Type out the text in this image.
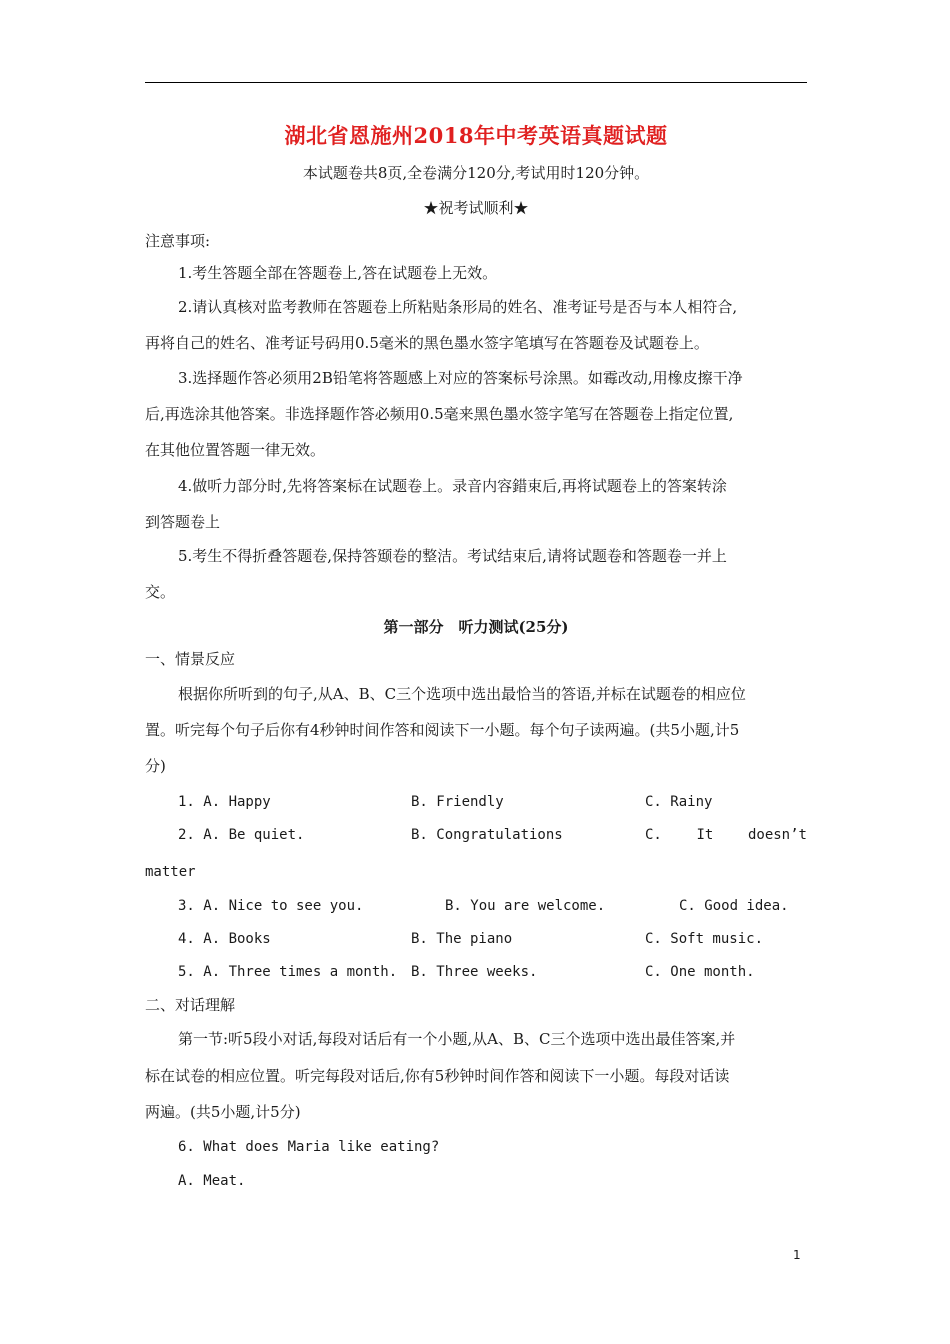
湖北省恩施州2018年中考英语真题试题
本试题卷共8页,全卷满分120分,考试用时120分钟。
★祝考试顺利★
注意事项:
1.考生答题全部在答题卷上,答在试题卷上无效。
2.请认真核对监考教师在答题卷上所粘贴条形局的姓名、准考证号是否与本人相符合,
再将自己的姓名、准考证号码用0.5毫米的黑色墨水签字笔填写在答题卷及试题卷上。
3.选择题作答必须用2B铅笔将答题感上对应的答案标号涂黑。如霉改动,用橡皮擦干净
后,再选涂其他答案。非选择题作答必频用0.5毫来黑色墨水签字笔写在答题卷上指定位置,
在其他位置答题一律无效。
4.做听力部分时,先将答案标在试题卷上。录音内容錯束后,再将试题卷上的答案转涂
到答题卷上
5.考生不得折叠答题卷,保持答颋卷的整洁。考试结束后,请将试题卷和答题卷一并上
交。
第一部分　听力测试(25分)
一、情景反应
根据你所听到的句子,从A、B、C三个选项中选出最恰当的答语,并标在试题卷的相应位
置。听完每个句子后你有4秒钟时间作答和阅读下一小题。每个句子读两遍。(共5小题,计5
分)
1. A. Happy	B. Friendly	C. Rainy
2. A. Be quiet.	B. Congratulations	C. It doesn’t
matter
3. A. Nice to see you.	B. You are welcome.	C. Good idea.
4. A. Books	B. The piano	C. Soft music.
5. A. Three times a month. B. Three weeks.	C. One month.
二、对话理解
第一节:听5段小对话,每段对话后有一个小题,从A、B、C三个选项中选出最佳答案,并
标在试卷的相应位置。听完每段对话后,你有5秒钟时间作答和阅读下一小题。每段对话读
两遍。(共5小题,计5分)
6. What does Maria like eating?
A. Meat.
1
